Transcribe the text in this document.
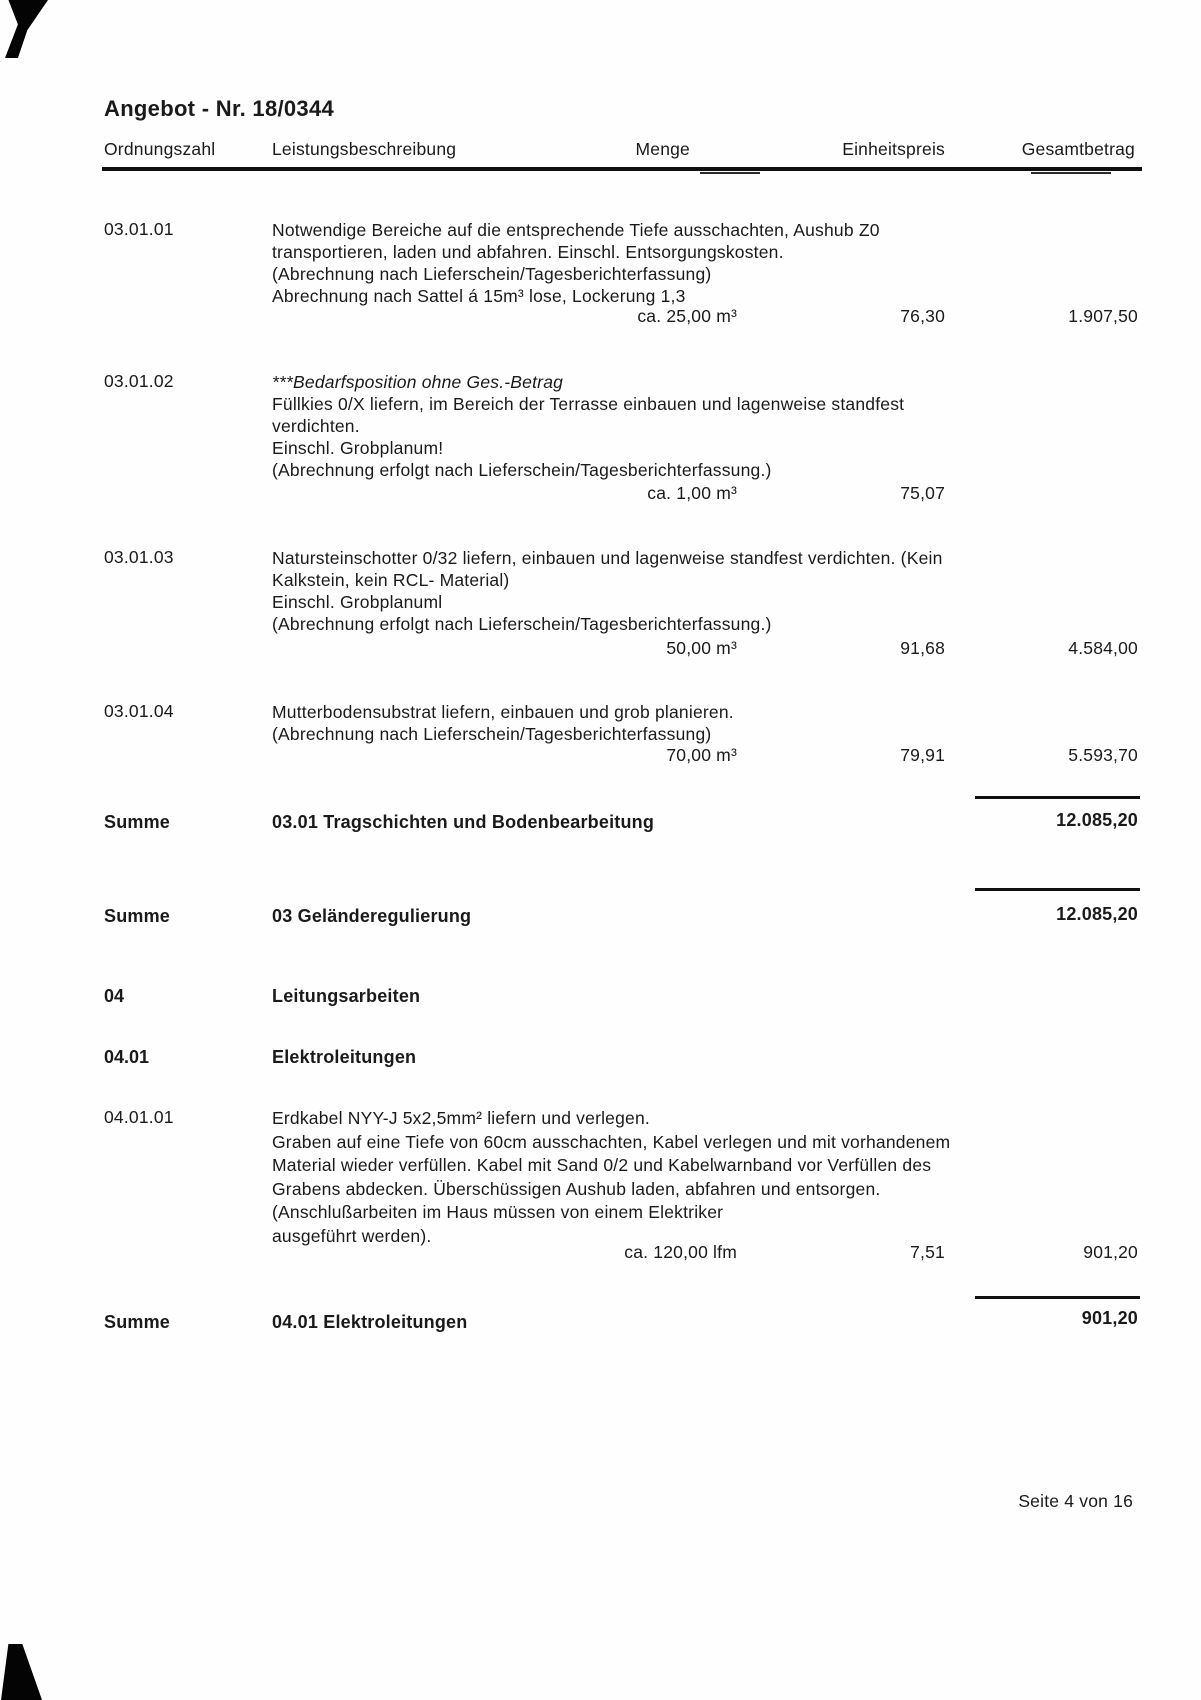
Angebot - Nr. 18/0344
Ordnungszahl	Leistungsbeschreibung	Menge	Einheitspreis	Gesamtbetrag
03.01.01	Notwendige Bereiche auf die entsprechende Tiefe ausschachten, Aushub Z0
transportieren, laden und abfahren. Einschl. Entsorgungskosten.
(Abrechnung nach Lieferschein/Tagesberichterfassung)
Abrechnung nach Sattel á 15m³ lose, Lockerung 1,3
ca. 25,00 m³	76,30	1.907,50
03.01.02	***Bedarfsposition ohne Ges.-Betrag
Füllkies 0/X liefern, im Bereich der Terrasse einbauen und lagenweise standfest
verdichten.
Einschl. Grobplanum!
(Abrechnung erfolgt nach Lieferschein/Tagesberichterfassung.)
ca. 1,00 m³	75,07
03.01.03	Natursteinschotter 0/32 liefern, einbauen und lagenweise standfest verdichten. (Kein
Kalkstein, kein RCL- Material)
Einschl. Grobplanuml
(Abrechnung erfolgt nach Lieferschein/Tagesberichterfassung.)
50,00 m³	91,68	4.584,00
03.01.04	Mutterbodensubstrat liefern, einbauen und grob planieren.
(Abrechnung nach Lieferschein/Tagesberichterfassung)
70,00 m³	79,91	5.593,70
Summe	03.01 Tragschichten und Bodenbearbeitung	12.085,20
Summe	03 Geländeregulierung	12.085,20
04	Leitungsarbeiten
04.01	Elektroleitungen
04.01.01	Erdkabel NYY-J 5x2,5mm² liefern und verlegen.
Graben auf eine Tiefe von 60cm ausschachten, Kabel verlegen und mit vorhandenem
Material wieder verfüllen. Kabel mit Sand 0/2 und Kabelwarnband vor Verfüllen des
Grabens abdecken. Überschüssigen Aushub laden, abfahren und entsorgen.
(Anschlußarbeiten im Haus müssen von einem Elektriker
ausgeführt werden).
ca. 120,00 lfm	7,51	901,20
Summe	04.01 Elektroleitungen	901,20
Seite 4 von 16
